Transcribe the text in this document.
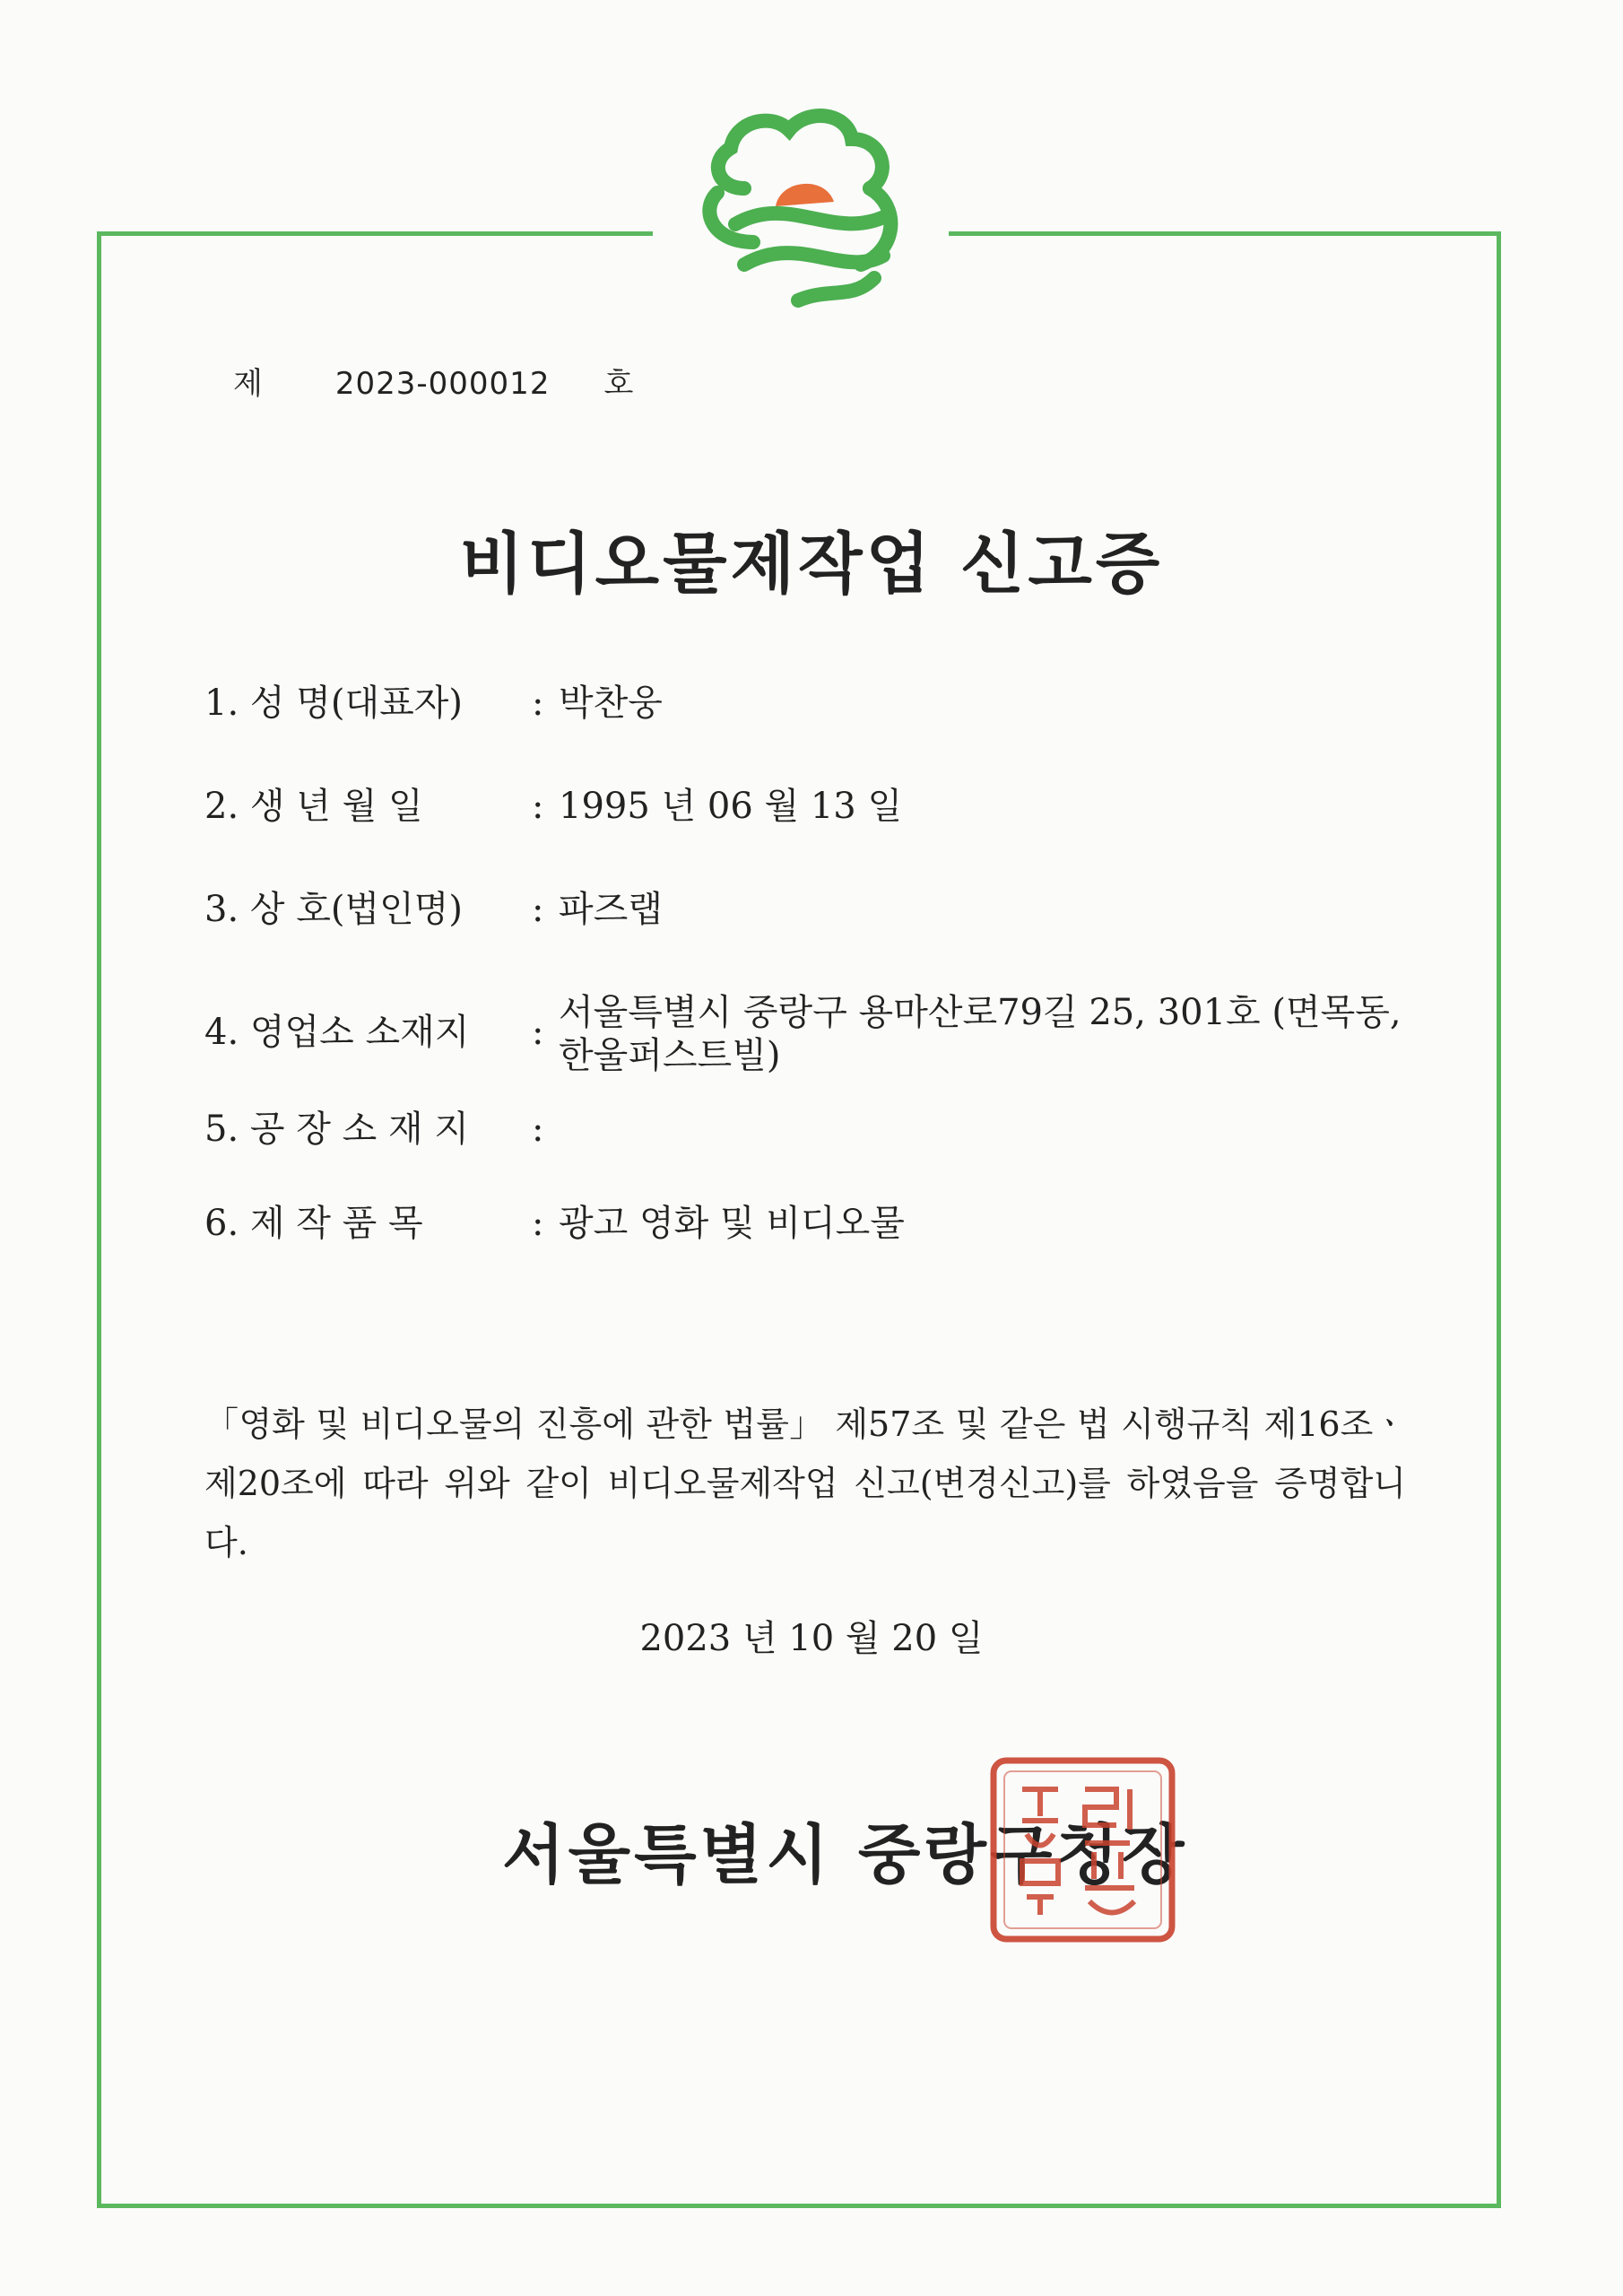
제 2023-000012 호
비디오물제작업 신고증
1. 성 명(대표자)	: 박찬웅
2. 생 년 월 일	: 1995 년 06 월 13 일
3. 상 호(법인명)	: 파즈랩
4. 영업소 소재지	: 서울특별시 중랑구 용마산로79길 25, 301호 (면목동, 한울퍼스트빌)
5. 공 장 소 재 지	:
6. 제 작 품 목	: 광고 영화 및 비디오물
「영화 및 비디오물의 진흥에 관한 법률」 제57조 및 같은 법 시행규칙 제16조ㆍ제20조에 따라 위와 같이 비디오물제작업 신고(변경신고)를 하였음을 증명합니다.
2023 년 10 월 20 일
서울특별시 중랑구청장
